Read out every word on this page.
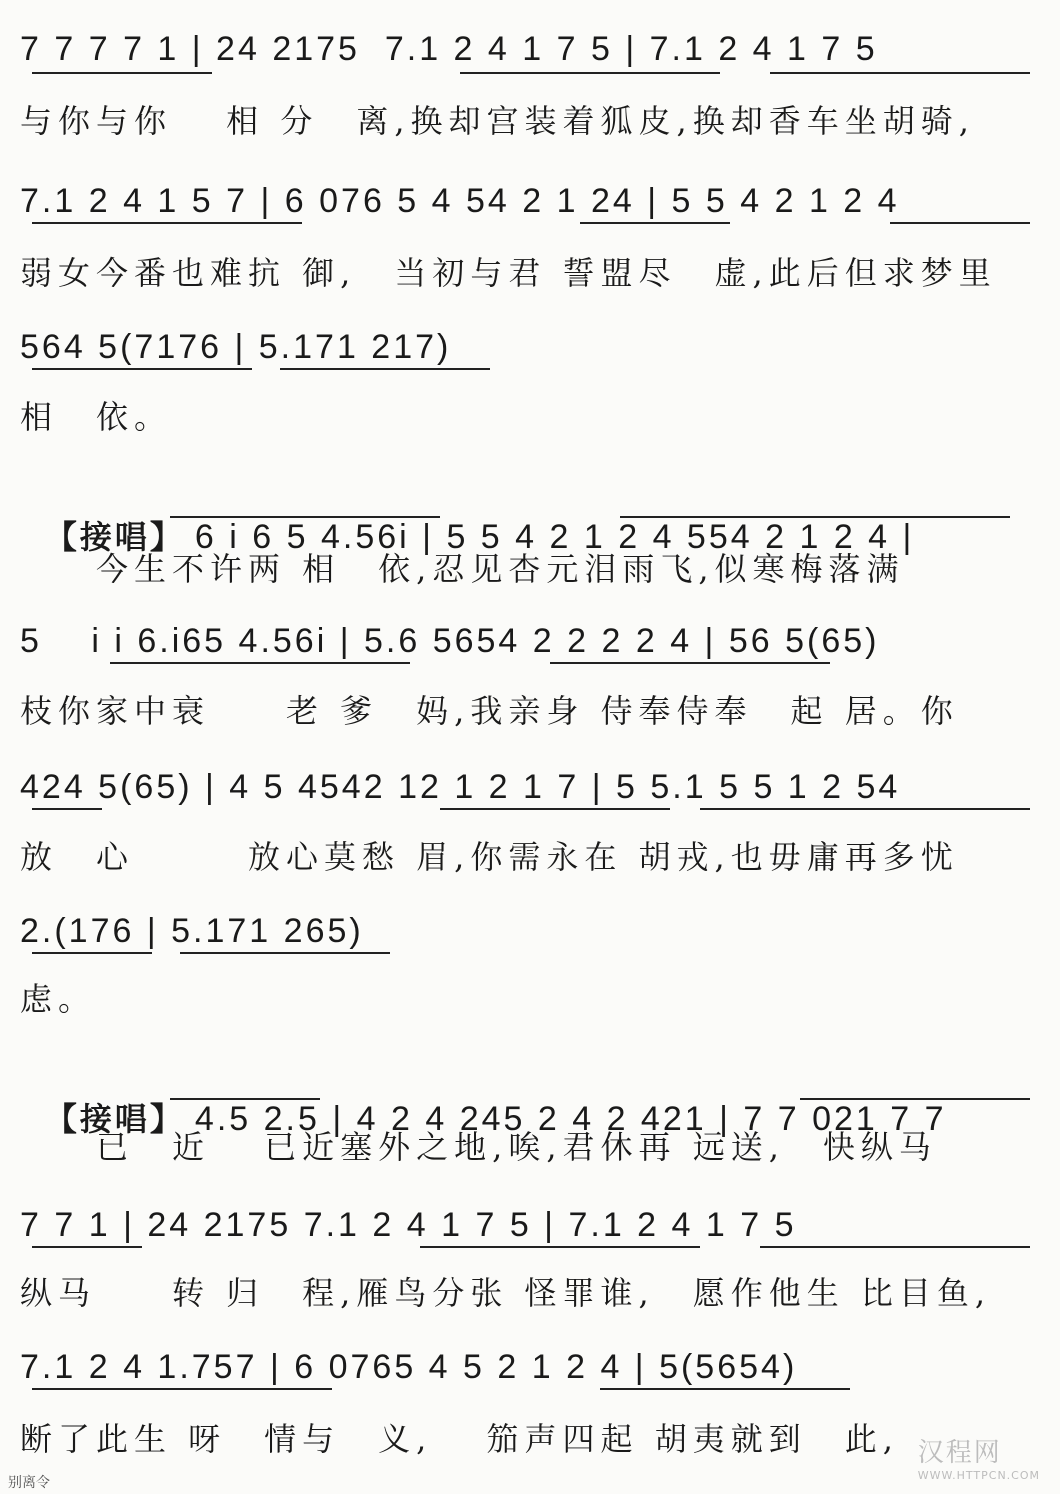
7 7 7 7 1 | 24 2175  7.1 2 4 1 7 5 | 7.1 2 4 1 7 5
与你与你　 相 分　离,换却宫装着狐皮,换却香车坐胡骑,
7.1 2 4 1 5 7 | 6 076 5 4 54 2 1 24 | 5 5 4 2 1 2 4
弱女今番也难抗 御,　当初与君 誓盟尽　虚,此后但求梦里
564 5(7176 | 5.171 217)
相　依。

【接唱】 6 i 6 5 4.56i | 5 5 4 2 1 2 4 554 2 1 2 4 |

　　今生不许两 相　依,忍见杏元泪雨飞,似寒梅落满
5　 i i 6.i65 4.56i | 5.6 5654 2 2 2 2 4 | 56 5(65)
枝你家中衰　　老 爹　妈,我亲身 侍奉侍奉　起 居。你
424 5(65) | 4 5 4542 12 1 2 1 7 | 5 5.1 5 5 1 2 54
放　心　　　放心莫愁 眉,你需永在 胡戎,也毋庸再多忧
2.(176 | 5.171 265)
虑。

【接唱】 4.5 2.5 | 4 2 4 245 2 4 2 421 | 7 7 021 7 7

　　已　近　 已近塞外之地,唉,君休再 远送,　快纵马
7 7 1 | 24 2175 7.1 2 4 1 7 5 | 7.1 2 4 1 7 5
纵马　　转 归　程,雁鸟分张 怪罪谁,　愿作他生 比目鱼,
7.1 2 4 1.757 | 6 0765 4 5 2 1 2 4 | 5(5654)
断了此生 呀　情与　义,　 笳声四起 胡夷就到　此, 汉程网
WWW.HTTPCN.COM
别离令
